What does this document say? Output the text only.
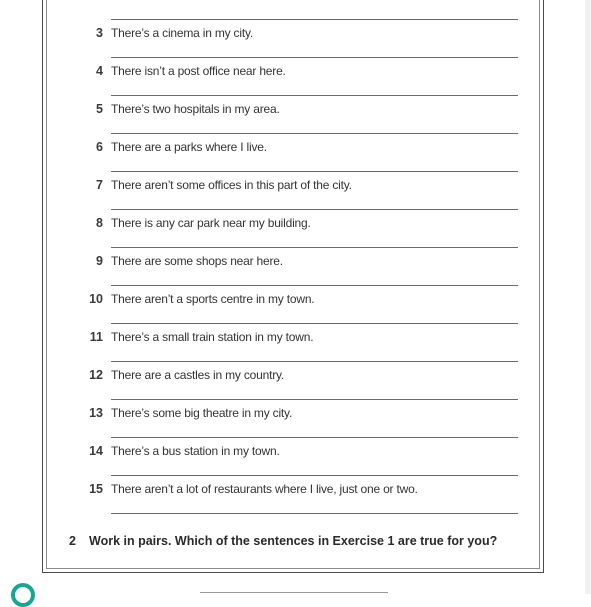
3 There’s a cinema in my city.
4 There isn’t a post office near here.
5 There’s two hospitals in my area.
6 There are a parks where I live.
7 There aren’t some offices in this part of the city.
8 There is any car park near my building.
9 There are some shops near here.
10 There aren’t a sports centre in my town.
11 There’s a small train station in my town.
12 There are a castles in my country.
13 There’s some big theatre in my city.
14 There’s a bus station in my town.
15 There aren’t a lot of restaurants where I live, just one or two.
2 Work in pairs. Which of the sentences in Exercise 1 are true for you?
